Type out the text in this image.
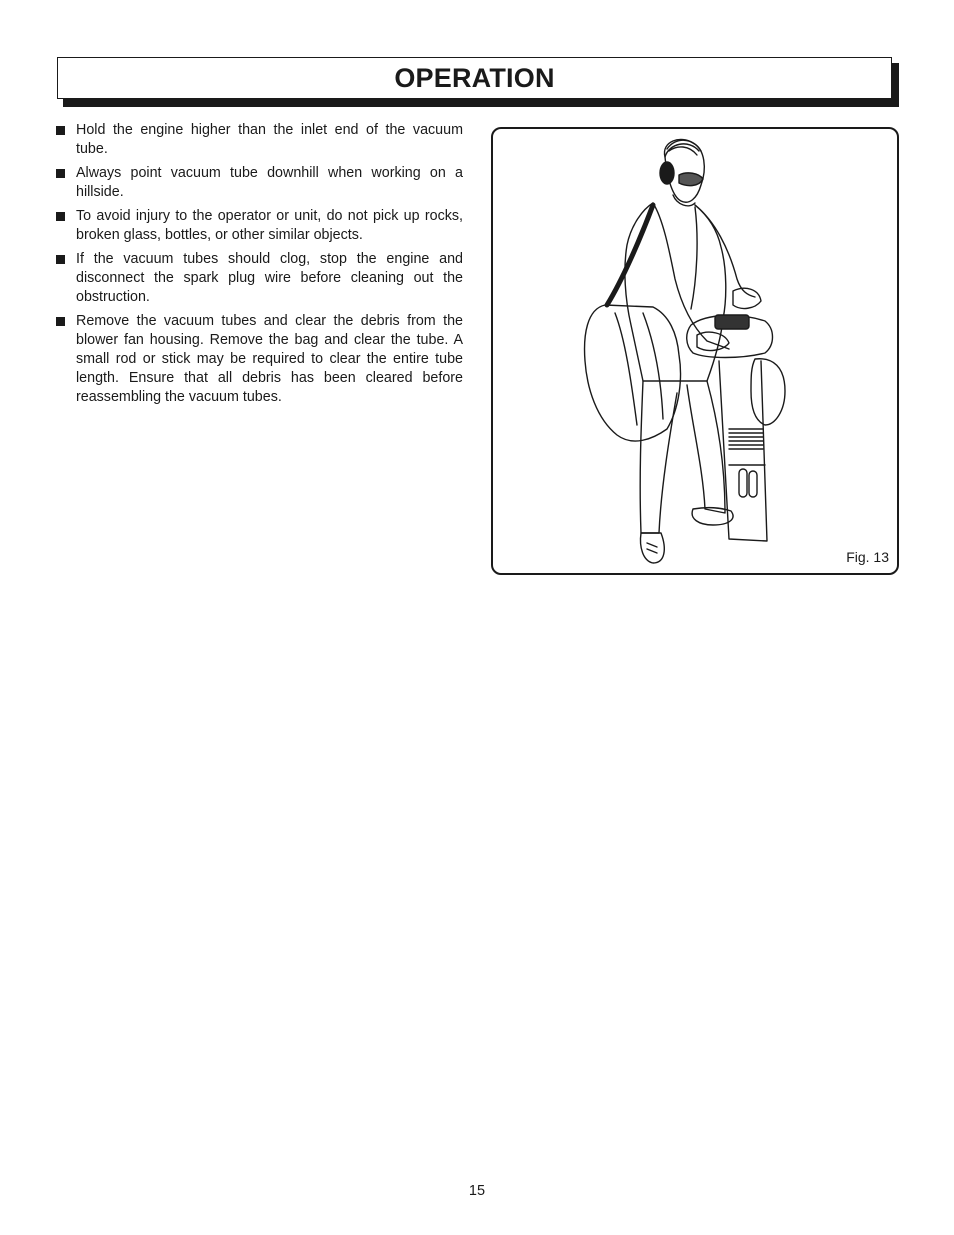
OPERATION
Hold the engine higher than the inlet end of the vacuum tube.
Always point vacuum tube downhill when working on a hillside.
To avoid injury to the operator or unit, do not pick up rocks, broken glass, bottles, or other similar objects.
If the vacuum tubes should clog, stop the engine and disconnect the spark plug wire before cleaning out the obstruction.
Remove the vacuum tubes and clear the debris from the blower fan housing. Remove the bag and clear the tube. A small rod or stick may be required to clear the entire tube length. Ensure that all debris has been cleared before reassembling the vacuum tubes.
Fig. 13
15
